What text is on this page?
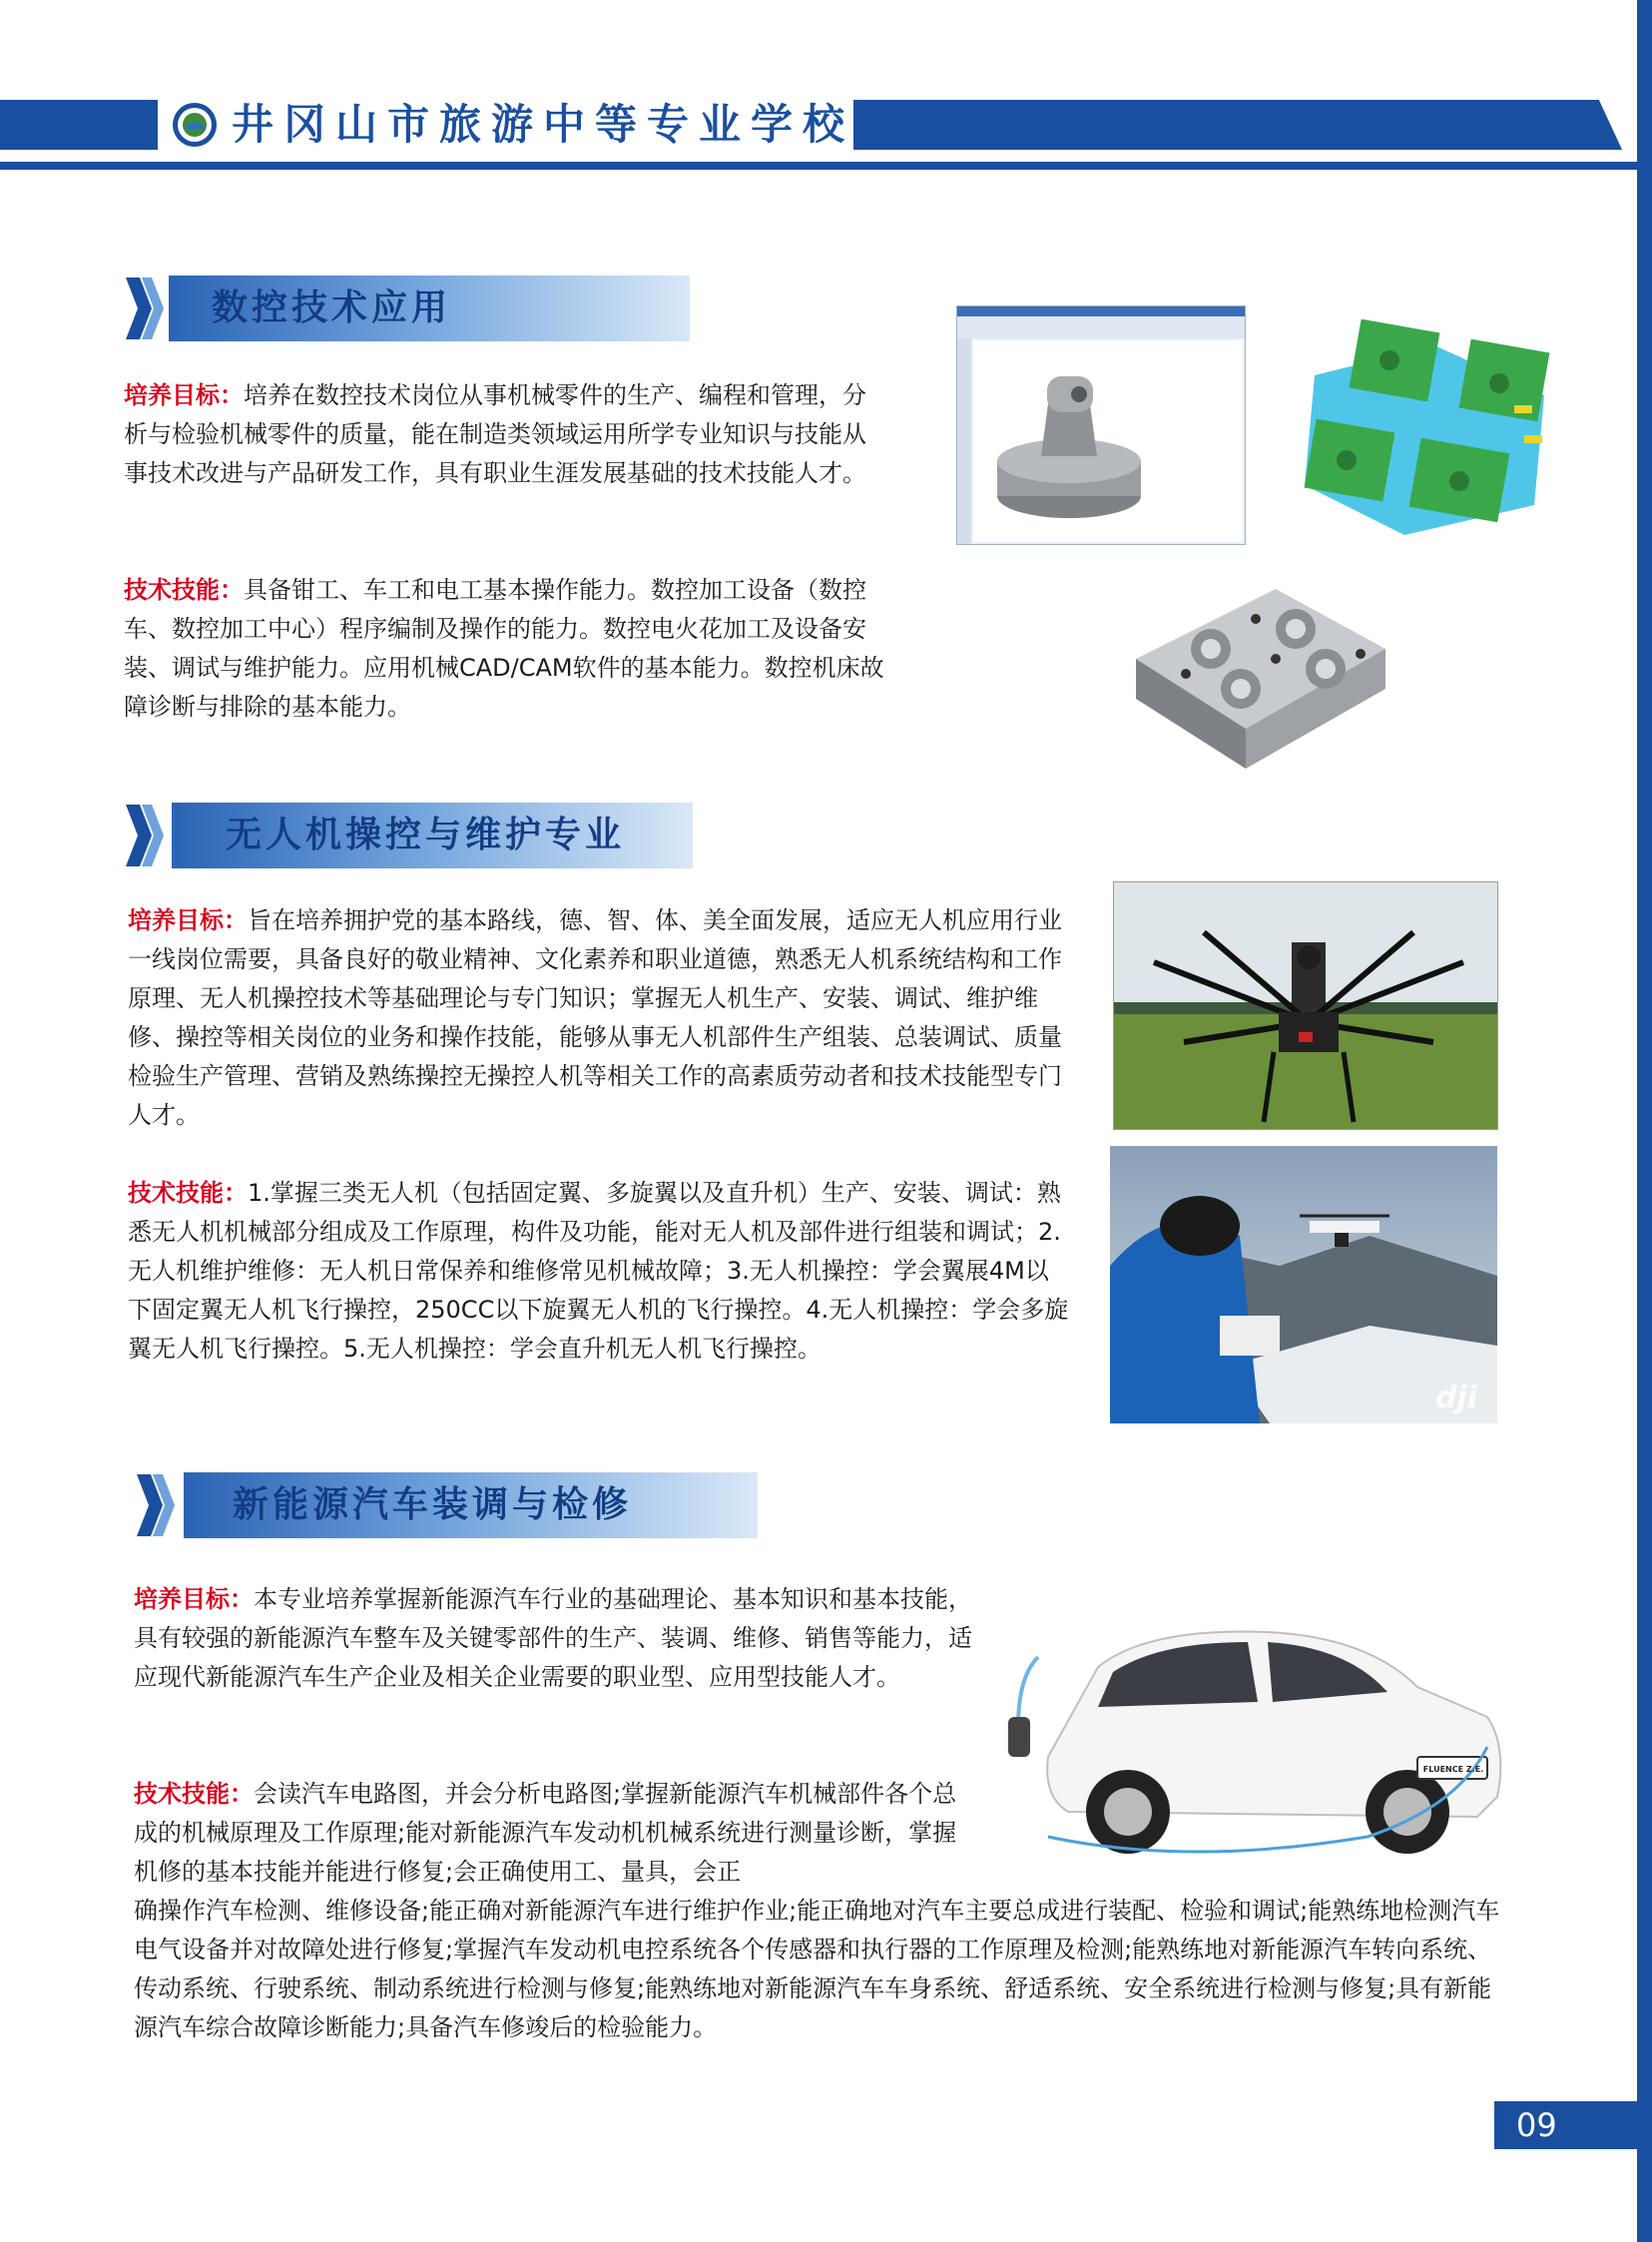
井冈山市旅游中等专业学校
数控技术应用

培养目标：培养在数控技术岗位从事机械零件的生产、编程和管理，分析与检验机械零件的质量，能在制造类领域运用所学专业知识与技能从事技术改进与产品研发工作，具有职业生涯发展基础的技术技能人才。

技术技能：具备钳工、车工和电工基本操作能力。数控加工设备（数控车、数控加工中心）程序编制及操作的能力。数控电火花加工及设备安装、调试与维护能力。应用机械CAD/CAM软件的基本能力。数控机床故障诊断与排除的基本能力。

无人机操控与维护专业

培养目标：旨在培养拥护党的基本路线，德、智、体、美全面发展，适应无人机应用行业一线岗位需要，具备良好的敬业精神、文化素养和职业道德，熟悉无人机系统结构和工作原理、无人机操控技术等基础理论与专门知识；掌握无人机生产、安装、调试、维护维修、操控等相关岗位的业务和操作技能，能够从事无人机部件生产组装、总装调试、质量检验生产管理、营销及熟练操控无操控人机等相关工作的高素质劳动者和技术技能型专门人才。

技术技能：1.掌握三类无人机（包括固定翼、多旋翼以及直升机）生产、安装、调试：熟悉无人机机械部分组成及工作原理，构件及功能，能对无人机及部件进行组装和调试；2.无人机维护维修：无人机日常保养和维修常见机械故障；3.无人机操控：学会翼展4M以下固定翼无人机飞行操控，250CC以下旋翼无人机的飞行操控。4.无人机操控：学会多旋翼无人机飞行操控。5.无人机操控：学会直升机无人机飞行操控。

dji
新能源汽车装调与检修

培养目标：本专业培养掌握新能源汽车行业的基础理论、基本知识和基本技能，具有较强的新能源汽车整车及关键零部件的生产、装调、维修、销售等能力，适应现代新能源汽车生产企业及相关企业需要的职业型、应用型技能人才。

技术技能：会读汽车电路图，并会分析电路图;掌握新能源汽车机械部件各个总成的机械原理及工作原理;能对新能源汽车发动机机械系统进行测量诊断，掌握机修的基本技能并能进行修复;会正确使用工、量具，会正

确操作汽车检测、维修设备;能正确对新能源汽车进行维护作业;能正确地对汽车主要总成进行装配、检验和调试;能熟练地检测汽车电气设备并对故障处进行修复;掌握汽车发动机电控系统各个传感器和执行器的工作原理及检测;能熟练地对新能源汽车转向系统、传动系统、行驶系统、制动系统进行检测与修复;能熟练地对新能源汽车车身系统、舒适系统、安全系统进行检测与修复;具有新能源汽车综合故障诊断能力;具备汽车修竣后的检验能力。

FLUENCE Z.E.
09
